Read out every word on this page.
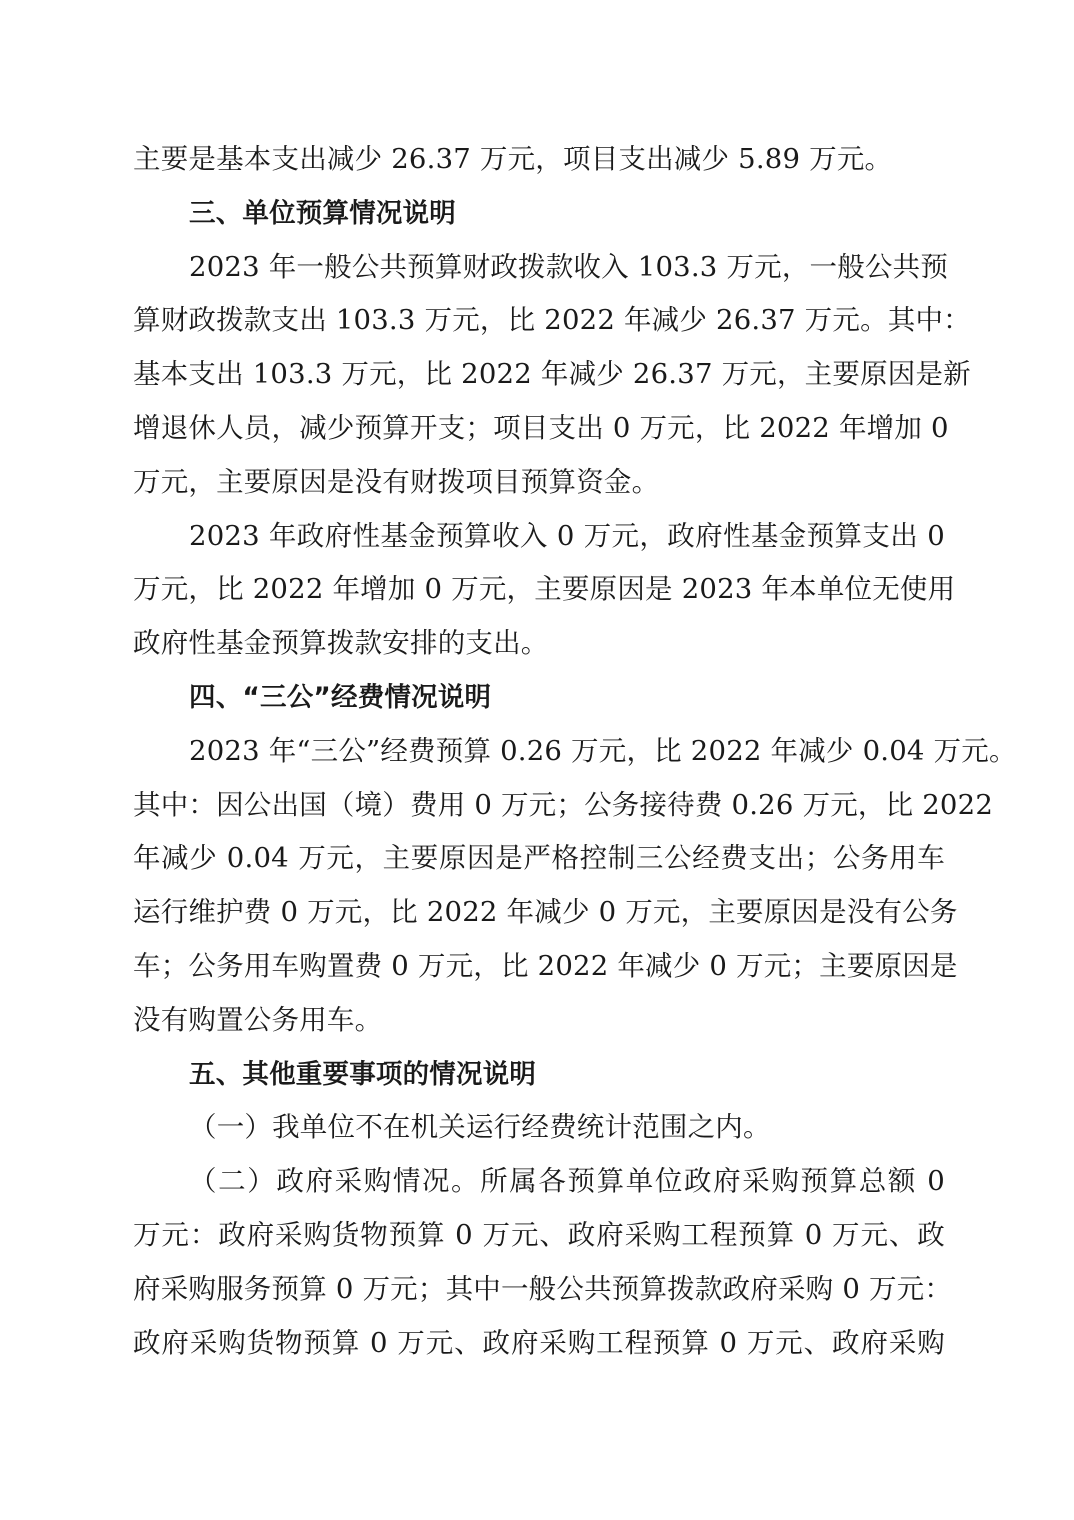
主要是基本支出减少 26.37 万元，项目支出减少 5.89 万元。
三、单位预算情况说明
2023 年一般公共预算财政拨款收入 103.3 万元，一般公共预
算财政拨款支出 103.3 万元，比 2022 年减少 26.37 万元。其中：
基本支出 103.3 万元，比 2022 年减少 26.37 万元，主要原因是新
增退休人员，减少预算开支；项目支出 0 万元，比 2022 年增加 0
万元，主要原因是没有财拨项目预算资金。
2023 年政府性基金预算收入 0 万元，政府性基金预算支出 0
万元，比 2022 年增加 0 万元，主要原因是 2023 年本单位无使用
政府性基金预算拨款安排的支出。
四、“三公”经费情况说明
2023 年“三公”经费预算 0.26 万元，比 2022 年减少 0.04 万元。
其中：因公出国（境）费用 0 万元；公务接待费 0.26 万元，比 2022
年减少 0.04 万元，主要原因是严格控制三公经费支出；公务用车
运行维护费 0 万元，比 2022 年减少 0 万元，主要原因是没有公务
车；公务用车购置费 0 万元，比 2022 年减少 0 万元；主要原因是
没有购置公务用车。
五、其他重要事项的情况说明
（一）我单位不在机关运行经费统计范围之内。
（二）政府采购情况。所属各预算单位政府采购预算总额 0
万元：政府采购货物预算 0 万元、政府采购工程预算 0 万元、政
府采购服务预算 0 万元；其中一般公共预算拨款政府采购 0 万元：
政府采购货物预算 0 万元、政府采购工程预算 0 万元、政府采购
